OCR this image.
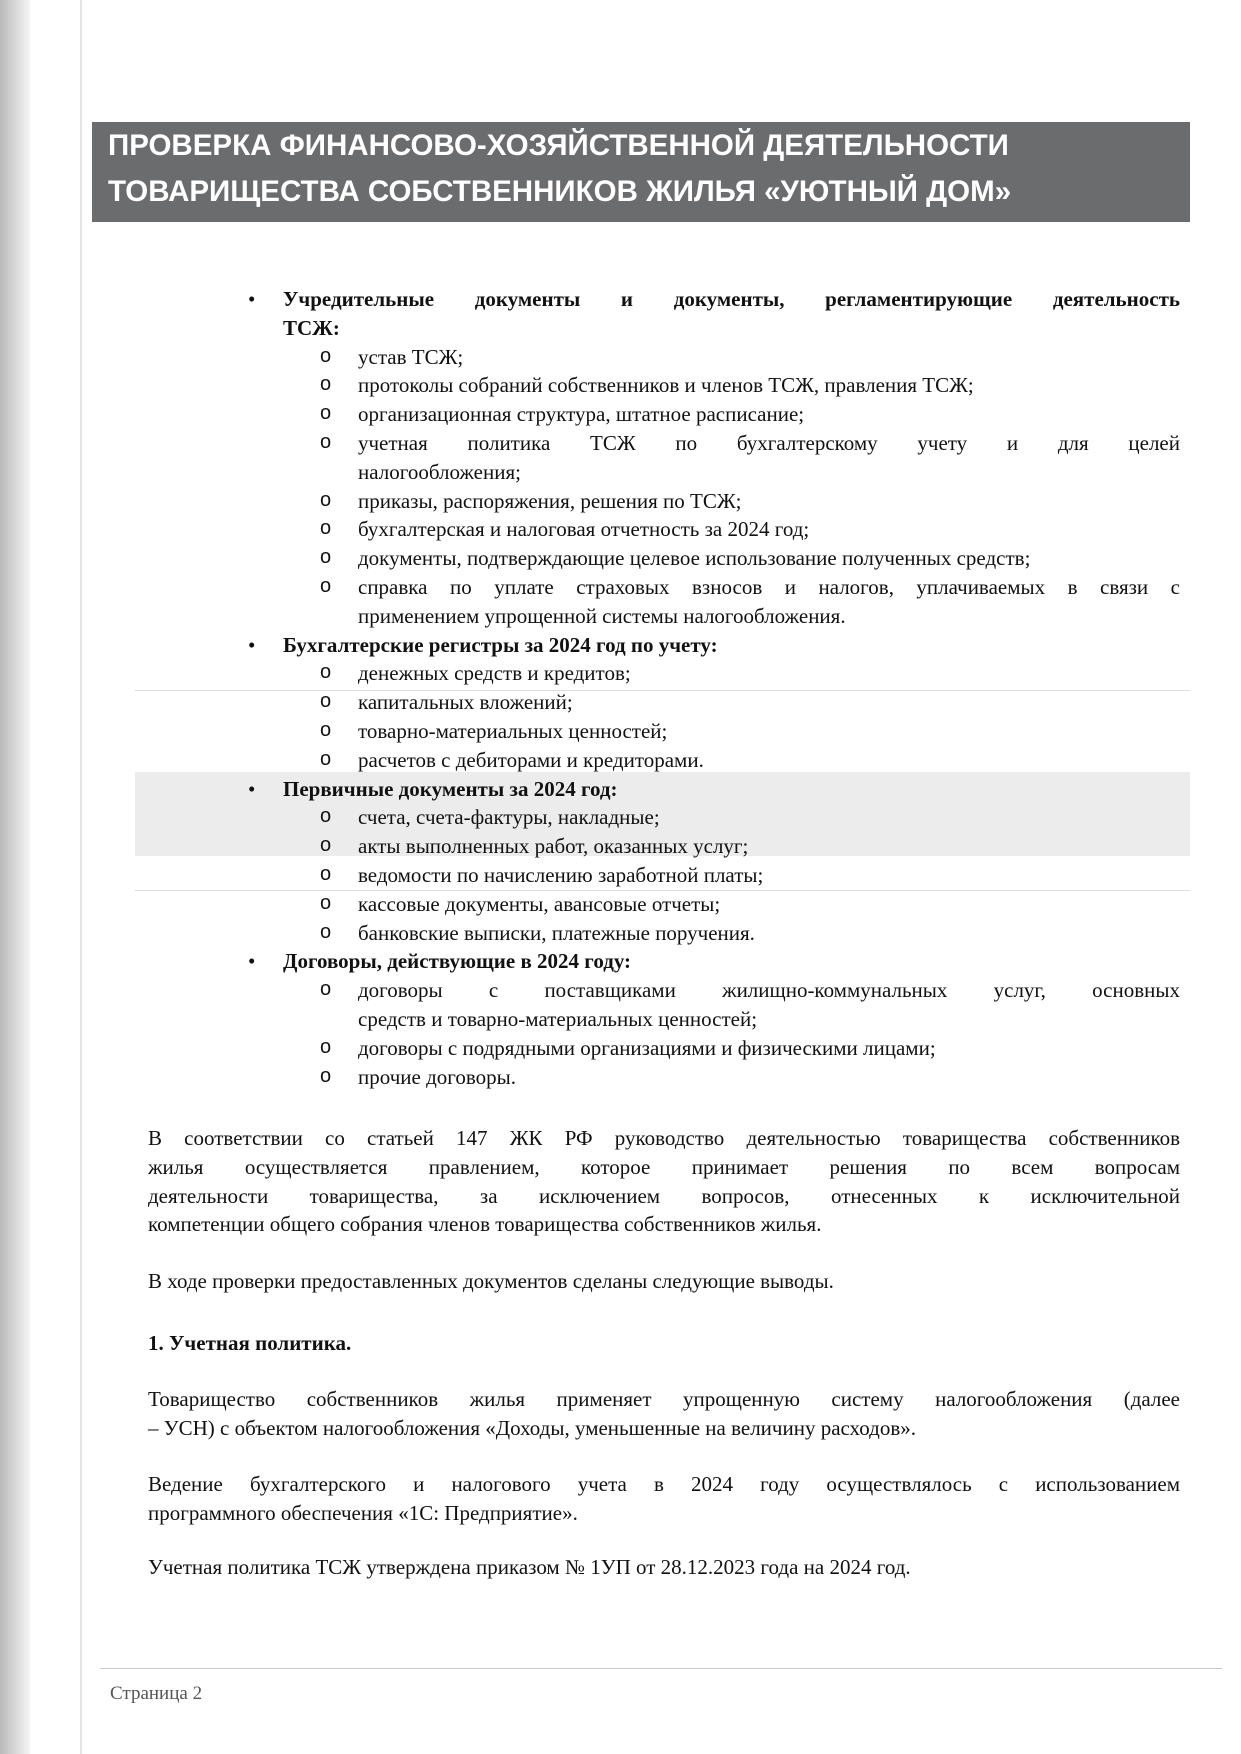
ПРОВЕРКА ФИНАНСОВО-ХОЗЯЙСТВЕННОЙ ДЕЯТЕЛЬНОСТИ
ТОВАРИЩЕСТВА СОБСТВЕННИКОВ ЖИЛЬЯ «УЮТНЫЙ ДОМ»
• Учредительные документы и документы, регламентирующие деятельность
ТСЖ:
o устав ТСЖ;
o протоколы собраний собственников и членов ТСЖ, правления ТСЖ;
o организационная структура, штатное расписание;
o учетная политика ТСЖ по бухгалтерскому учету и для целей
налогообложения;
o приказы, распоряжения, решения по ТСЖ;
o бухгалтерская и налоговая отчетность за 2024 год;
o документы, подтверждающие целевое использование полученных средств;
o справка по уплате страховых взносов и налогов, уплачиваемых в связи с
применением упрощенной системы налогообложения.
• Бухгалтерские регистры за 2024 год по учету:
o денежных средств и кредитов;
o капитальных вложений;
o товарно-материальных ценностей;
o расчетов с дебиторами и кредиторами.
• Первичные документы за 2024 год:
o счета, счета-фактуры, накладные;
o акты выполненных работ, оказанных услуг;
o ведомости по начислению заработной платы;
o кассовые документы, авансовые отчеты;
o банковские выписки, платежные поручения.
• Договоры, действующие в 2024 году:
o договоры с поставщиками жилищно-коммунальных услуг, основных
средств и товарно-материальных ценностей;
o договоры с подрядными организациями и физическими лицами;
o прочие договоры.
В соответствии со статьей 147 ЖК РФ руководство деятельностью товарищества собственников
жилья осуществляется правлением, которое принимает решения по всем вопросам
деятельности товарищества, за исключением вопросов, отнесенных к исключительной
компетенции общего собрания членов товарищества собственников жилья.
В ходе проверки предоставленных документов сделаны следующие выводы.
1. Учетная политика.
Товарищество собственников жилья применяет упрощенную систему налогообложения (далее
– УСН) с объектом налогообложения «Доходы, уменьшенные на величину расходов».
Ведение бухгалтерского и налогового учета в 2024 году осуществлялось с использованием
программного обеспечения «1С: Предприятие».
Учетная политика ТСЖ утверждена приказом № 1УП от 28.12.2023 года на 2024 год.
Страница 2
